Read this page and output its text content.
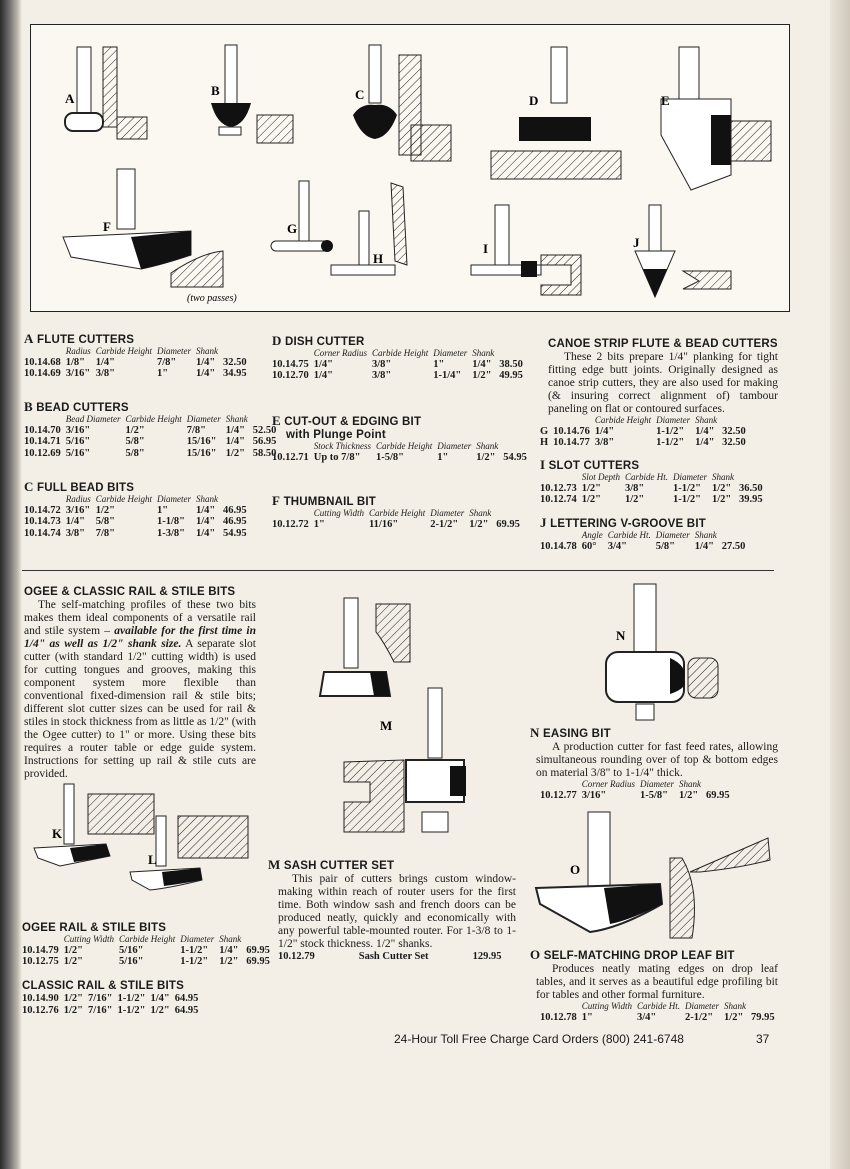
A
B	C	D	E
F
(two passes)
G
H
I	J
A FLUTE CUTTERS
	Radius	Carbide Height	Diameter	Shank	
10.14.68	1/8"	1/4"	7/8"	1/4"	32.50
10.14.69	3/16"	3/8"	1"	1/4"	34.95
B BEAD CUTTERS
	Bead Diameter	Carbide Height	Diameter	Shank	
10.14.70	3/16"	1/2"	7/8"	1/4"	52.50
10.14.71	5/16"	5/8"	15/16"	1/4"	56.95
10.12.69	5/16"	5/8"	15/16"	1/2"	58.50
C FULL BEAD BITS
	Radius	Carbide Height	Diameter	Shank	
10.14.72	3/16"	1/2"	1"	1/4"	46.95
10.14.73	1/4"	5/8"	1-1/8"	1/4"	46.95
10.14.74	3/8"	7/8"	1-3/8"	1/4"	54.95
D DISH CUTTER
	Corner Radius	Carbide Height	Diameter	Shank	
10.14.75	1/4"	3/8"	1"	1/4"	38.50
10.12.70	1/4"	3/8"	1-1/4"	1/2"	49.95
E CUT-OUT & EDGING BIT
with Plunge Point
	Stock Thickness	Carbide Height	Diameter	Shank	
10.12.71	Up to 7/8"	1-5/8"	1"	1/2"	54.95
F THUMBNAIL BIT
	Cutting Width	Carbide Height	Diameter	Shank	
10.12.72	1"	11/16"	2-1/2"	1/2"	69.95
CANOE STRIP FLUTE & BEAD CUTTERS
These 2 bits prepare 1/4" planking for tight fitting edge butt joints. Originally designed as canoe strip cutters, they are also used for making (& insuring correct alignment of) tambour paneling on flat or contoured surfaces.
		Carbide Height	Diameter	Shank	
G	10.14.76	1/4"	1-1/2"	1/4"	32.50
H	10.14.77	3/8"	1-1/2"	1/4"	32.50
I SLOT CUTTERS
	Slot Depth	Carbide Ht.	Diameter	Shank	
10.12.73	1/2"	3/8"	1-1/2"	1/2"	36.50
10.12.74	1/2"	1/2"	1-1/2"	1/2"	39.95
J LETTERING V-GROOVE BIT
	Angle	Carbide Ht.	Diameter	Shank	
10.14.78	60°	3/4"	5/8"	1/4"	27.50
OGEE & CLASSIC RAIL & STILE BITS
The self-matching profiles of these two bits makes them ideal components of a versatile rail and stile system – available for the first time in 1/4" as well as 1/2" shank size. A separate slot cutter (with standard 1/2" cutting width) is used for cutting tongues and grooves, making this component system more flexible than conventional fixed-dimension rail & stile bits; different slot cutter sizes can be used for rail & stiles in stock thickness from as little as 1/2" (with the Ogee cutter) to 1" or more. Using these bits requires a router table or edge guide system. Instructions for setting up rail & stile cuts are provided.
K
L
OGEE RAIL & STILE BITS
	Cutting Width	Carbide Height	Diameter	Shank	
10.14.79	1/2"	5/16"	1-1/2"	1/4"	69.95
10.12.75	1/2"	5/16"	1-1/2"	1/2"	69.95
CLASSIC RAIL & STILE BITS
10.14.90	1/2"	7/16"	1-1/2"	1/4"	64.95
10.12.76	1/2"	7/16"	1-1/2"	1/2"	64.95
M
M SASH CUTTER SET
This pair of cutters brings custom window-making within reach of router users for the first time. Both window sash and french doors can be produced neatly, quickly and economically with any powerful table-mounted router. For 1-3/8 to 1-1/2" stock thickness. 1/2" shanks.
10.12.79	Sash Cutter Set	129.95
N
N EASING BIT
A production cutter for fast feed rates, allowing simultaneous rounding over of top & bottom edges on material 3/8" to 1-1/4" thick.
	Corner Radius	Diameter	Shank	
10.12.77	3/16"	1-5/8"	1/2"	69.95
O
O SELF-MATCHING DROP LEAF BIT
Produces neatly mating edges on drop leaf tables, and it serves as a beautiful edge profiling bit for tables and other formal furniture.
	Cutting Width	Carbide Ht.	Diameter	Shank	
10.12.78	1"	3/4"	2-1/2"	1/2"	79.95
24-Hour Toll Free Charge Card Orders (800) 241-6748	37
